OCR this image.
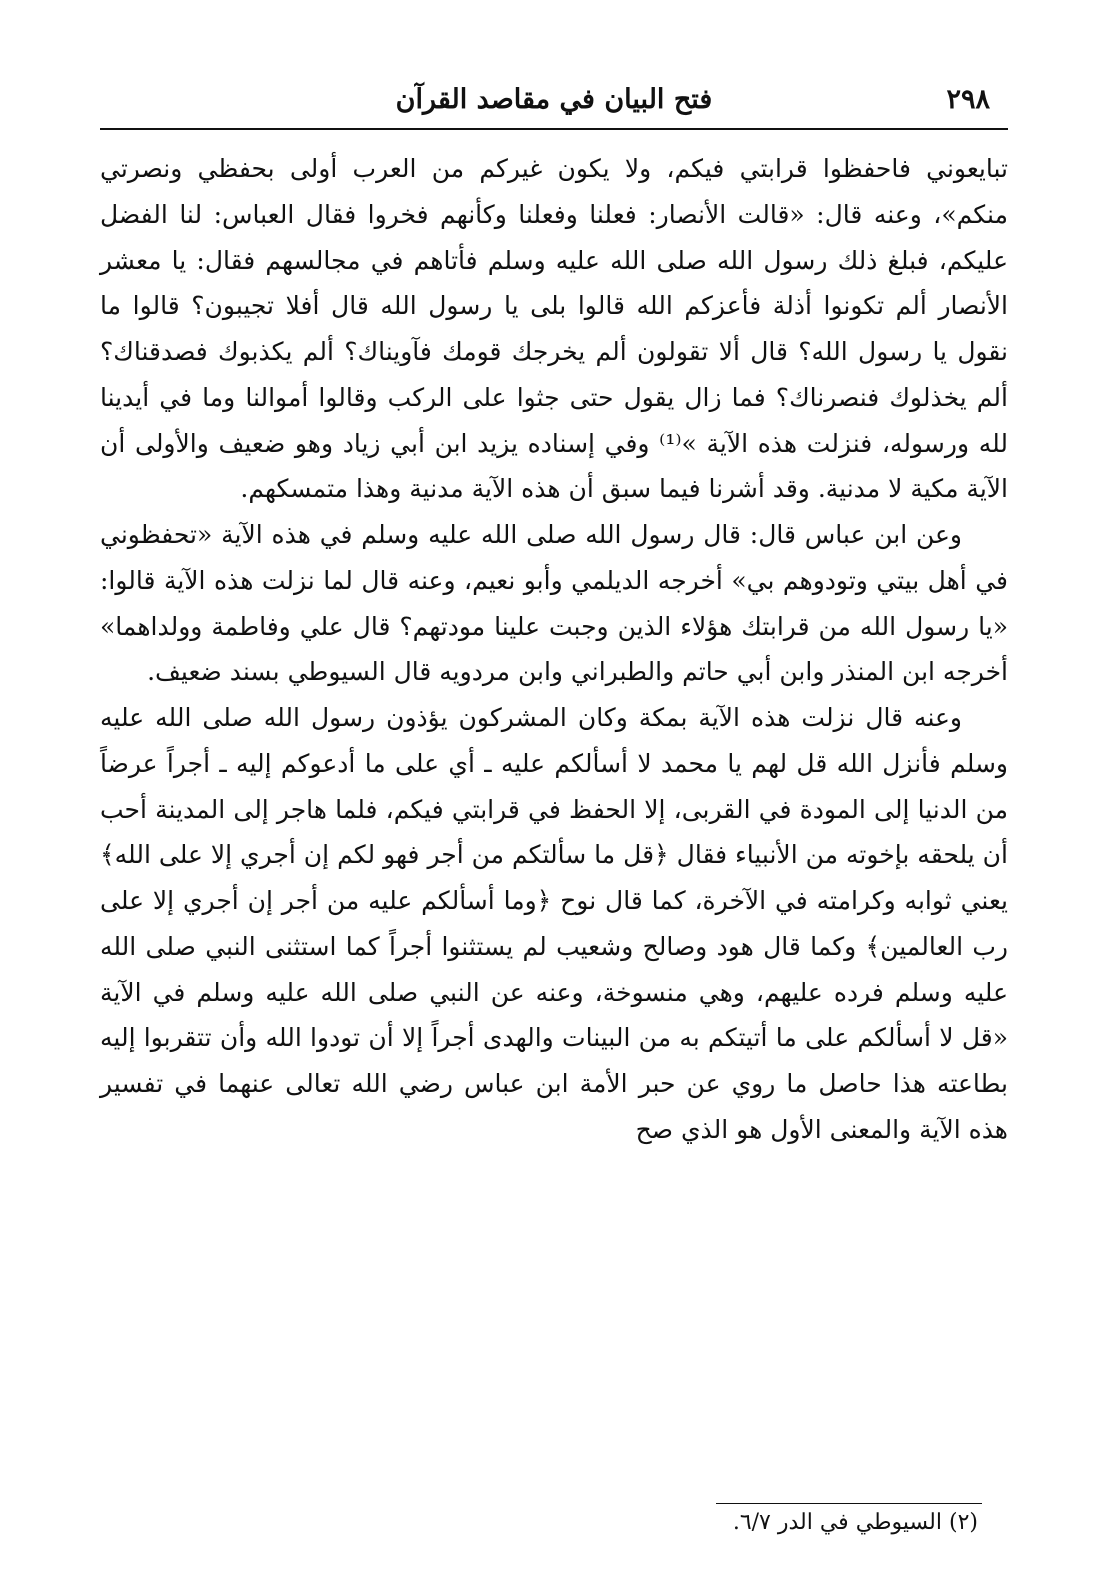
٢٩٨
فتح البيان في مقاصد القرآن

تبايعوني فاحفظوا قرابتي فيكم، ولا يكون غيركم من العرب أولى بحفظي ونصرتي منكم»، وعنه قال: «قالت الأنصار: فعلنا وفعلنا وكأنهم فخروا فقال العباس: لنا الفضل عليكم، فبلغ ذلك رسول الله صلى الله عليه وسلم فأتاهم في مجالسهم فقال: يا معشر الأنصار ألم تكونوا أذلة فأعزكم الله قالوا بلى يا رسول الله قال أفلا تجيبون؟ قالوا ما نقول يا رسول الله؟ قال ألا تقولون ألم يخرجك قومك فآويناك؟ ألم يكذبوك فصدقناك؟ ألم يخذلوك فنصرناك؟ فما زال يقول حتى جثوا على الركب وقالوا أموالنا وما في أيدينا لله ورسوله، فنزلت هذه الآية »⁽¹⁾ وفي إسناده يزيد ابن أبي زياد وهو ضعيف والأولى أن الآية مكية لا مدنية. وقد أشرنا فيما سبق أن هذه الآية مدنية وهذا متمسكهم.

وعن ابن عباس قال: قال رسول الله صلى الله عليه وسلم في هذه الآية «تحفظوني في أهل بيتي وتودوهم بي» أخرجه الديلمي وأبو نعيم، وعنه قال لما نزلت هذه الآية قالوا: «يا رسول الله من قرابتك هؤلاء الذين وجبت علينا مودتهم؟ قال علي وفاطمة وولداهما» أخرجه ابن المنذر وابن أبي حاتم والطبراني وابن مردويه قال السيوطي بسند ضعيف.

وعنه قال نزلت هذه الآية بمكة وكان المشركون يؤذون رسول الله صلى الله عليه وسلم فأنزل الله قل لهم يا محمد لا أسألكم عليه ـ أي على ما أدعوكم إليه ـ أجراً عرضاً من الدنيا إلى المودة في القربى، إلا الحفظ في قرابتي فيكم، فلما هاجر إلى المدينة أحب أن يلحقه بإخوته من الأنبياء فقال ﴿قل ما سألتكم من أجر فهو لكم إن أجري إلا على الله﴾ يعني ثوابه وكرامته في الآخرة، كما قال نوح ﴿وما أسألكم عليه من أجر إن أجري إلا على رب العالمين﴾ وكما قال هود وصالح وشعيب لم يستثنوا أجراً كما استثنى النبي صلى الله عليه وسلم فرده عليهم، وهي منسوخة، وعنه عن النبي صلى الله عليه وسلم في الآية «قل لا أسألكم على ما أتيتكم به من البينات والهدى أجراً إلا أن تودوا الله وأن تتقربوا إليه بطاعته هذا حاصل ما روي عن حبر الأمة ابن عباس رضي الله تعالى عنهما في تفسير هذه الآية والمعنى الأول هو الذي صح

(٢) السيوطي في الدر ٦/٧.
